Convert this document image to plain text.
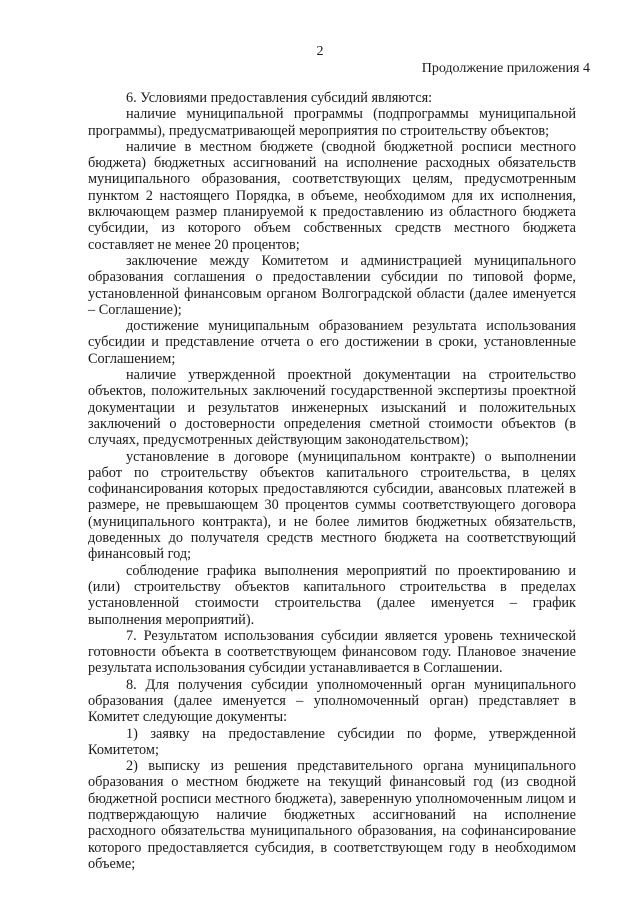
2
Продолжение приложения 4

6. Условиями предоставления субсидий являются:

наличие муниципальной программы (подпрограммы муниципальной программы), предусматривающей мероприятия по строительству объектов;

наличие в местном бюджете (сводной бюджетной росписи местного бюджета) бюджетных ассигнований на исполнение расходных обязательств муниципального образования, соответствующих целям, предусмотренным пунктом 2 настоящего Порядка, в объеме, необходимом для их исполнения, включающем размер планируемой к предоставлению из областного бюджета субсидии, из которого объем собственных средств местного бюджета составляет не менее 20 процентов;

заключение между Комитетом и администрацией муниципального образования соглашения о предоставлении субсидии по типовой форме, установленной финансовым органом Волгоградской области (далее именуется – Соглашение);

достижение муниципальным образованием результата использования субсидии и представление отчета о его достижении в сроки, установленные Соглашением;

наличие утвержденной проектной документации на строительство объектов, положительных заключений государственной экспертизы проектной документации и результатов инженерных изысканий и положительных заключений о достоверности определения сметной стоимости объектов (в случаях, предусмотренных действующим законодательством);

установление в договоре (муниципальном контракте) о выполнении работ по строительству объектов капитального строительства, в целях софинансирования которых предоставляются субсидии, авансовых платежей в размере, не превышающем 30 процентов суммы соответствующего договора (муниципального контракта), и не более лимитов бюджетных обязательств, доведенных до получателя средств местного бюджета на соответствующий финансовый год;

соблюдение графика выполнения мероприятий по проектированию и (или) строительству объектов капитального строительства в пределах установленной стоимости строительства (далее именуется – график выполнения мероприятий).

7. Результатом использования субсидии является уровень технической готовности объекта в соответствующем финансовом году. Плановое значение результата использования субсидии устанавливается в Соглашении.

8. Для получения субсидии уполномоченный орган муниципального образования (далее именуется – уполномоченный орган) представляет в Комитет следующие документы:

1) заявку на предоставление субсидии по форме, утвержденной Комитетом;

2) выписку из решения представительного органа муниципального образования о местном бюджете на текущий финансовый год (из сводной бюджетной росписи местного бюджета), заверенную уполномоченным лицом и подтверждающую наличие бюджетных ассигнований на исполнение расходного обязательства муниципального образования, на софинансирование которого предоставляется субсидия, в соответствующем году в необходимом объеме;
